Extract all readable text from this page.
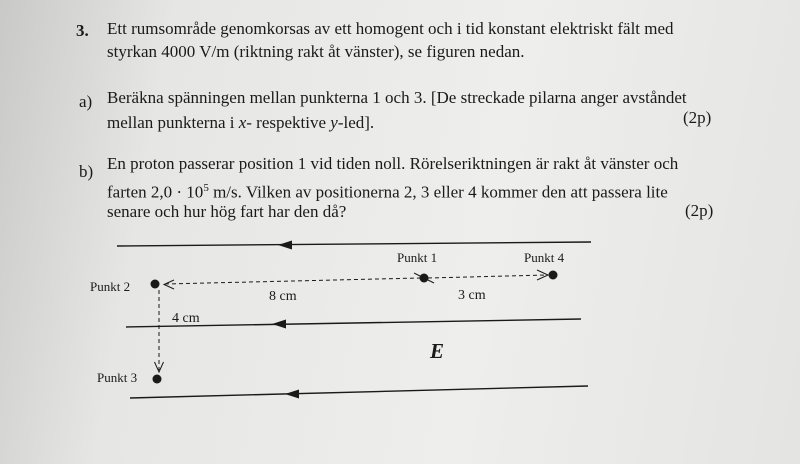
3. Ett rumsområde genomkorsas av ett homogent och i tid konstant elektriskt fält med
styrkan 4000 V/m (riktning rakt åt vänster), se figuren nedan.
a) Beräkna spänningen mellan punkterna 1 och 3. [De streckade pilarna anger avståndet
mellan punkterna i x- respektive y-led].	(2p)
b) En proton passerar position 1 vid tiden noll. Rörelseriktningen är rakt åt vänster och
farten $2,0 \cdot 10^5$ m/s. Vilken av positionerna 2, 3 eller 4 kommer den att passera lite
senare och hur hög fart har den då?	(2p)
Punkt 1	Punkt 4
Punkt 2
Punkt 3
8 cm	3 cm
4 cm
E
